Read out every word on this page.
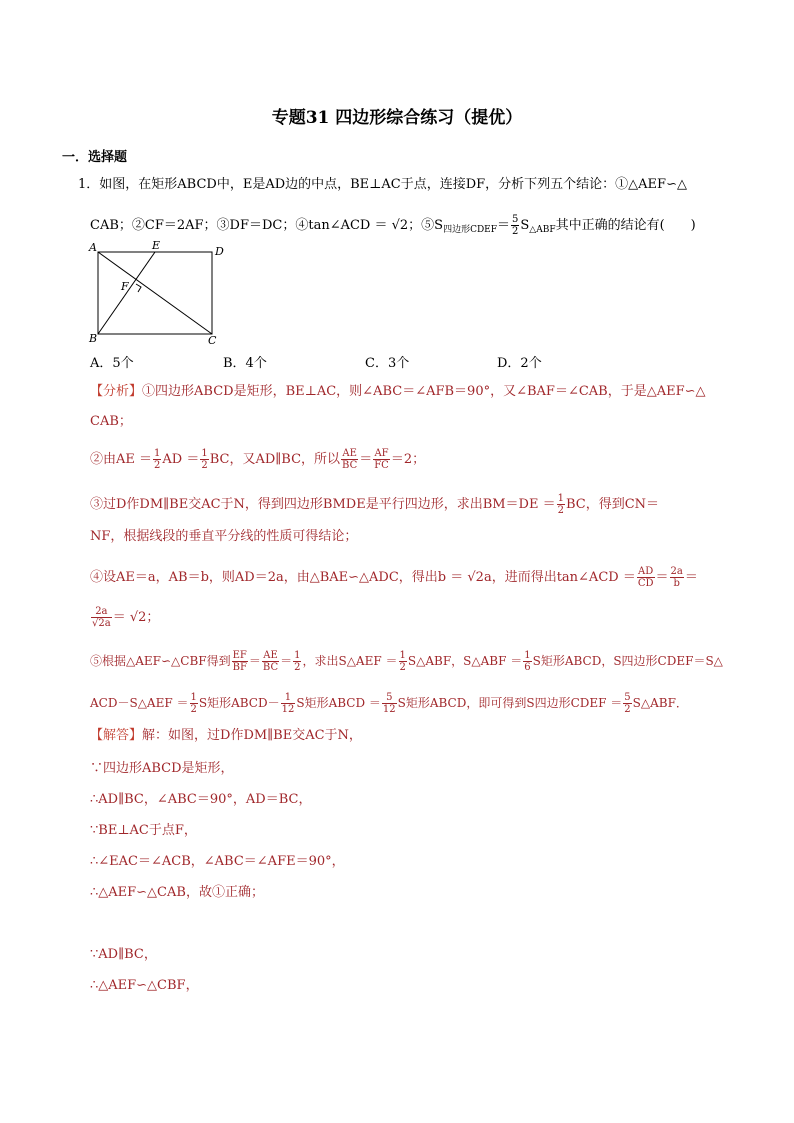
专题31 四边形综合练习（提优）
一．选择题
1．如图，在矩形ABCD中，E是AD边的中点，BE⊥AC于点，连接DF，分析下列五个结论：①△AEF∽△
CAB；②CF＝2AF；③DF＝DC；④tan∠ACD ＝ √2；$⑤S_{四边形CDEF}= \frac{5}{2} S_{\triangle ABF}$其中正确的结论有(　　)
A	E	D
F
B	C
A．5个	B．4个	C．3个	D．2个
【分析】①四边形ABCD是矩形，BE⊥AC，则∠ABC＝∠AFB＝90°，又∠BAF＝∠CAB，于是△AEF∽△
CAB；
②由AE ＝ $\frac{1}{2}$ AD ＝ $\frac{1}{2}$ BC，又AD∥BC，所以 $\frac{AE}{BC} = \frac{AF}{FC} =2$；
③过D作DM∥BE交AC于N，得到四边形BMDE是平行四边形，求出$BM=DE = \frac{1}{2}$ BC，得到CN＝
NF，根据线段的垂直平分线的性质可得结论；
④设AE＝a，AB＝b，则AD＝2a，由△BAE∽△ADC，得出b ＝ √2a，进而得出tan∠ACD ＝ $\frac{AD}{CD} = \frac{2a}{b}$ ＝
$\frac{2a}{√2a} = √2$；
⑤根据△AEF∽△CBF得到 $\frac{EF}{BF} = \frac{AE}{BC} = \frac{1}{2}$ ，求出S△AEF ＝ $\frac{1}{2}$ S△ABF，S△ABF ＝ $\frac{1}{6}$ S矩形ABCD，S四边形CDEF＝S△
ACD－S△AEF ＝ $\frac{1}{2}$ S矩形ABCD－ $\frac{1}{12}$ S矩形ABCD ＝ $\frac{5}{12}$ S矩形ABCD，即可得到S四边形CDEF ＝ $\frac{5}{2}$ S△ABF．
【解答】解：如图，过D作DM∥BE交AC于N，
∵四边形ABCD是矩形，
∴AD∥BC，∠ABC＝90°，AD＝BC，
∵BE⊥AC于点F，
∴∠EAC＝∠ACB，∠ABC＝∠AFE＝90°，
∴△AEF∽△CAB，故①正确；
∵AD∥BC，
∴△AEF∽△CBF，
